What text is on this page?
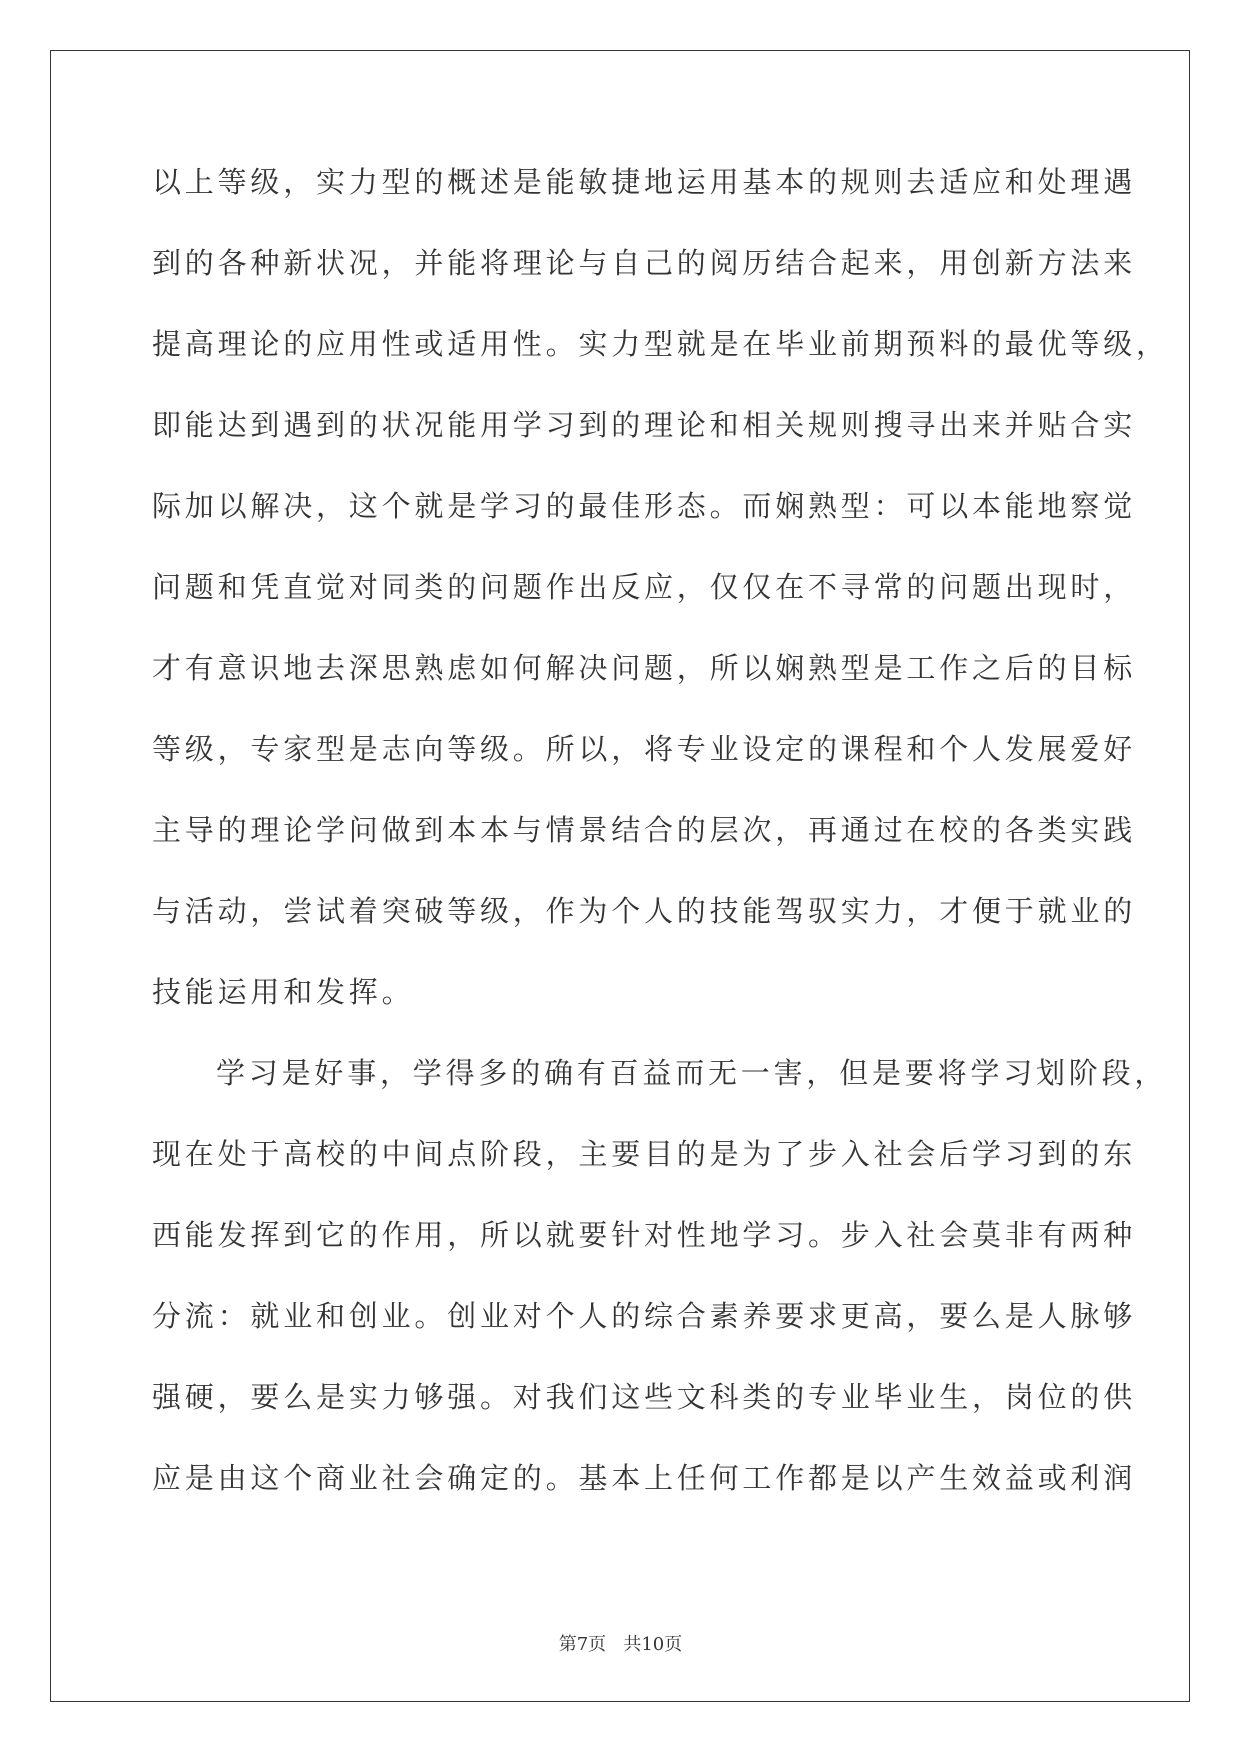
以上等级，实力型的概述是能敏捷地运用基本的规则去适应和处理遇
到的各种新状况，并能将理论与自己的阅历结合起来，用创新方法来
提高理论的应用性或适用性。实力型就是在毕业前期预料的最优等级，
即能达到遇到的状况能用学习到的理论和相关规则搜寻出来并贴合实
际加以解决，这个就是学习的最佳形态。而娴熟型：可以本能地察觉
问题和凭直觉对同类的问题作出反应，仅仅在不寻常的问题出现时，
才有意识地去深思熟虑如何解决问题，所以娴熟型是工作之后的目标
等级，专家型是志向等级。所以，将专业设定的课程和个人发展爱好
主导的理论学问做到本本与情景结合的层次，再通过在校的各类实践
与活动，尝试着突破等级，作为个人的技能驾驭实力，才便于就业的
技能运用和发挥。
学习是好事，学得多的确有百益而无一害，但是要将学习划阶段，
现在处于高校的中间点阶段，主要目的是为了步入社会后学习到的东
西能发挥到它的作用，所以就要针对性地学习。步入社会莫非有两种
分流：就业和创业。创业对个人的综合素养要求更高，要么是人脉够
强硬，要么是实力够强。对我们这些文科类的专业毕业生，岗位的供
应是由这个商业社会确定的。基本上任何工作都是以产生效益或利润
第7页 共10页
